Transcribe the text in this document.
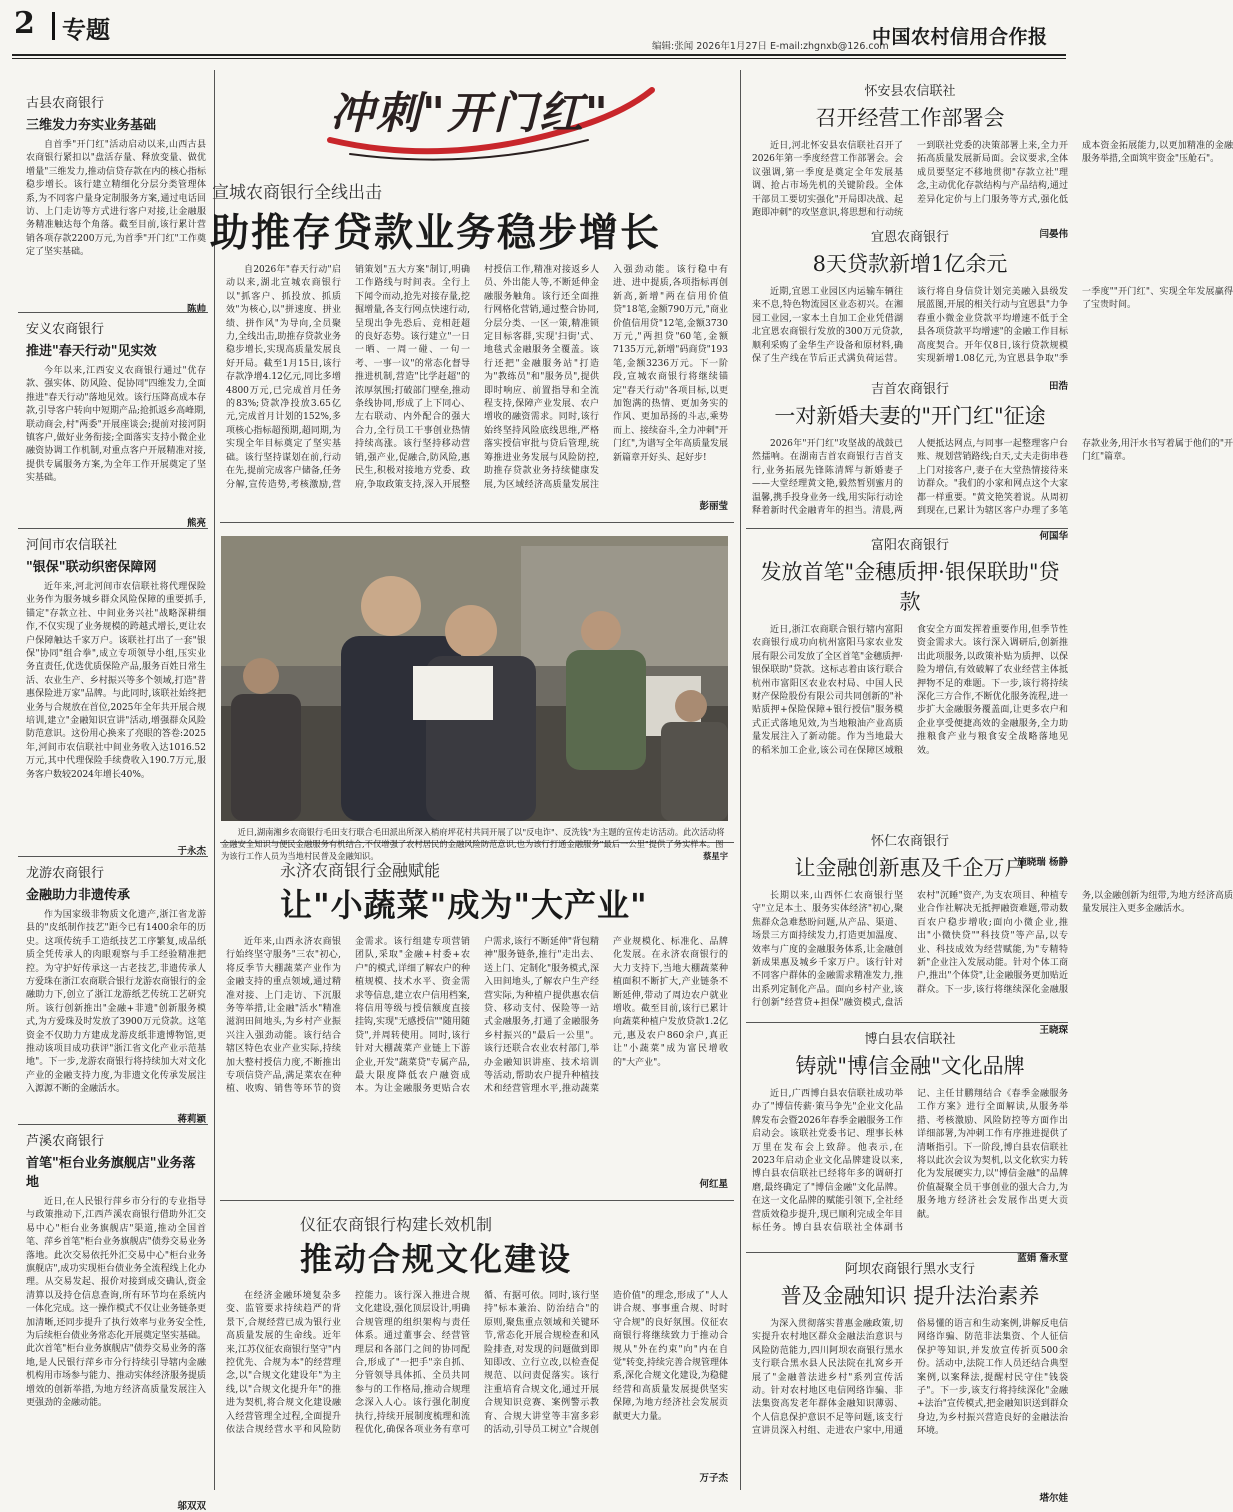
2 专题
编辑:张闻 2026年1月27日 E-mail:zhgnxb@126.com
中国农村信用合作报
古县农商银行
三维发力夯实业务基础
自首季"开门红"活动启动以来,山西古县农商银行紧扣以"盘活存量、释放变量、做优增量"三维发力,推动信贷存款在内的核心指标稳步增长。该行建立精细化分层分类管理体系,为不同客户量身定制服务方案,通过电话回访、上门走访等方式进行客户对接,让金融服务精准触达每个角落。截至目前,该行累计营销各项存款2200万元,为首季"开门红"工作奠定了坚实基础。
陈帅
安义农商银行
推进"春天行动"见实效
今年以来,江西安义农商银行通过"优存款、强实体、防风险、促协同"四维发力,全面推进"春天行动"落地见效。该行压降高成本存款,引导客户转向中短期产品;抢抓返乡高峰期,联动商会,村"两委"开展座谈会;提前对接河阴镇客户,做好业务衔接;全面落实支持小微企业融资协调工作机制,对重点客户开展精准对接,提供专属服务方案,为全年工作开展奠定了坚实基础。
熊亮
河间市农信联社
"银保"联动织密保障网
近年来,河北河间市农信联社将代理保险业务作为服务城乡群众风险保障的重要抓手,锚定"存款立社、中间业务兴社"战略深耕细作,不仅实现了业务规模的跨越式增长,更让农户保障触达千家万户。该联社打出了一套"银保"协同"组合拳",成立专项领导小组,压实业务直责任,优选优质保险产品,服务百姓日常生活、农业生产、乡村振兴等多个领域,打造"普惠保险进万家"品牌。与此同时,该联社始终把业务与合规放在首位,2025年全年共开展合规培训,建立"金融知识宣讲"活动,增强群众风险防范意识。这份用心换来了亮眼的答卷:2025年,河间市农信联社中间业务收入达1016.52万元,其中代理保险手续费收入190.7万元,服务客户数较2024年增长40%。
于永杰
龙游农商银行
金融助力非遗传承
作为国家级非物质文化遗产,浙江省龙游县的"皮纸制作技艺"距今已有1400余年的历史。这项传统手工造纸技艺工序繁复,成品纸质全凭传承人的肉眼观察与手工经验精准把控。为守护好传承这一古老技艺,非遗传承人方爱珠在浙江农商联合银行龙游农商银行的金融助力下,创立了浙江龙游纸艺传统工艺研究所。该行创新推出"金融+非遗"创新服务模式,为方爱珠及时发放了3900万元贷款。这笔资金不仅助力方建成龙游皮纸非遗博物馆,更推动该项目成功获评"浙江省文化产业示范基地"。下一步,龙游农商银行将持续加大对文化产业的金融支持力度,为非遗文化传承发展注入源源不断的金融活水。
蒋莉颖
芦溪农商银行
首笔"柜台业务旗舰店"业务落地
近日,在人民银行萍乡市分行的专业指导与政策推动下,江西芦溪农商银行借助外汇交易中心"柜台业务旗舰店"渠道,推动全国首笔、萍乡首笔"柜台业务旗舰店"债券交易业务落地。此次交易依托外汇交易中心"柜台业务旗舰店",成功实现柜台债业务全流程线上化办理。从交易发起、报价对接到成交确认,资金清算以及持仓信息查询,所有环节均在系统内一体化完成。这一操作模式不仅让业务链条更加清晰,还同步提升了执行效率与业务安全性,为后续柜台债业务常态化开展奠定坚实基础。此次首笔"柜台业务旗舰店"债券交易业务的落地,是人民银行萍乡市分行持续引导辖内金融机构用市场参与能力、推动实体经济服务提质增效的创新举措,为地方经济高质量发展注入更强劲的金融动能。
邬双双
冲刺"开门红"
宣城农商银行全线出击
助推存贷款业务稳步增长
自2026年"春天行动"启动以来,湖北宣城农商银行以"抓客户、抓投放、抓质效"为核心,以"拼速度、拼业绩、拼作风"为导向,全员聚力,全线出击,助推存贷款业务稳步增长,实现高质量发展良好开局。截至1月15日,该行存款净增4.12亿元,同比多增4800万元,已完成首月任务的83%;贷款净投放3.65亿元,完成首月计划的152%,多项核心指标超预期,超同期,为实现全年目标奠定了坚实基础。该行坚持谋划在前,行动在先,提前完成客户储备,任务分解,宣传造势,考核激励,营销策划"五大方案"制订,明确工作路线与时间表。全行上下闻令而动,抢先对接存量,挖掘增量,各支行网点快速行动,呈现出争先恐后、竞相赶超的良好态势。该行建立"一日一晒、一周一碰、一旬一考、一事一议"的常态化督导推进机制,营造"比学赶超"的浓厚氛围;打破部门壁垒,推动条线协同,形成了上下同心、左右联动、内外配合的强大合力,全行员工干事创业热情持续高涨。该行坚持移动营销,强产业,促融合,防风险,惠民生,积极对接地方党委、政府,争取政策支持,深入开展整村授信工作,精准对接返乡人员、外出能人等,不断延伸金融服务触角。该行还全面推行网格化营销,通过整合协同,分层分类、一区一策,精准锁定目标客群,实现'扫街'式、地毯式金融服务全覆盖。该行还把"金融服务站"打造为"教练员"和"服务员",提供即时响应、前置指导和全流程支持,保障产业发展、农户增收的融资需求。同时,该行始终坚持风险底线思维,严格落实授信审批与贷后管理,统筹推进业务发展与风险防控,助推存贷款业务持续健康发展,为区域经济高质量发展注入强劲动能。该行稳中有进、进中提质,各项指标再创新高,新增"两在信用价值贷"18笔,金额790万元,"商业价值信用贷"12笔,金额3730万元,"两担贷"60笔,金额7135万元,新增"码商贷"193笔,金额3236万元。下一阶段,宣城农商银行将继续锚定"春天行动"各项目标,以更加饱满的热情、更加务实的作风、更加昂扬的斗志,乘势而上、接续奋斗,全力冲刺"开门红",为谱写全年高质量发展新篇章开好头、起好步!
彭丽莹
近日,湖南湘乡农商银行毛田支行联合毛田派出所深入梢府坪花村共同开展了以"反电诈"、反洗钱"为主题的宣传走访活动。此次活动将金融安全知识与便民金融服务有机结合,不仅增强了农村居民的金融风险防范意识,也为该行打通金融服务"最后一公里"提供了务实样本。图为该行工作人员为当地村民普及金融知识。	蔡星宇
永济农商银行金融赋能
让"小蔬菜"成为"大产业"
近年来,山西永济农商银行始终坚守服务"三农"初心,将反季节大棚蔬菜产业作为金融支持的重点领域,通过精准对接、上门走访、下沉服务等举措,让金融"活水"精准滋润田间地头,为乡村产业振兴注入强劲动能。该行结合辖区特色农业产业实际,持续加大整村授信力度,不断推出专项信贷产品,满足菜农在种植、收购、销售等环节的资金需求。该行组建专项营销团队,采取"金融+村委+农户"的模式,详细了解农户的种植规模、技术水平、资金需求等信息,建立农户信用档案,将信用等级与授信额度直接挂钩,实现"无感授信""随用随贷",并周转使用。同时,该行针对大棚蔬菜产业链上下游企业,开发"蔬菜贷"专属产品,最大限度降低农户融资成本。为让金融服务更贴合农户需求,该行不断延伸"背包精神"服务链条,推行"走出去、送上门、定制化"服务模式,深入田间地头,了解农户生产经营实际,为种植户提供惠农信贷、移动支付、保险等一站式金融服务,打通了金融服务乡村振兴的"最后一公里"。该行还联合农业农村部门,举办金融知识讲座、技术培训等活动,帮助农户提升种植技术和经营管理水平,推动蔬菜产业规模化、标准化、品牌化发展。在永济农商银行的大力支持下,当地大棚蔬菜种植面积不断扩大,产业链条不断延伸,带动了周边农户就业增收。截至目前,该行已累计向蔬菜种植户发放贷款1.2亿元,惠及农户860余户,真正让"小蔬菜"成为富民增收的"大产业"。
何红星
仪征农商银行构建长效机制
推动合规文化建设
在经济金融环境复杂多变、监管要求持续趋严的背景下,合规经营已成为银行业高质量发展的生命线。近年来,江苏仪征农商银行坚守"内控优先、合规为本"的经营理念,以"合规文化建设年"为主线,以"合规文化提升年"的推进为契机,将合规文化建设融入经营管理全过程,全面提升依法合规经营水平和风险防控能力。该行深入推进合规文化建设,强化顶层设计,明确合规管理的组织架构与责任体系。通过董事会、经营管理层和各部门之间的协同配合,形成了"一把手"亲自抓、分管领导具体抓、全员共同参与的工作格局,推动合规理念深入人心。该行强化制度执行,持续开展制度梳理和流程优化,确保各项业务有章可循、有据可依。同时,该行坚持"标本兼治、防治结合"的原则,聚焦重点领域和关键环节,常态化开展合规检查和风险排查,对发现的问题做到即知即改、立行立改,以检查促规范、以问责促落实。该行注重培育合规文化,通过开展合规知识竞赛、案例警示教育、合规大讲堂等丰富多彩的活动,引导员工树立"合规创造价值"的理念,形成了"人人讲合规、事事重合规、时时守合规"的良好氛围。仪征农商银行将继续致力于推动合规从"外在约束"向"内在自觉"转变,持续完善合规管理体系,深化合规文化建设,为稳健经营和高质量发展提供坚实保障,为地方经济社会发展贡献更大力量。
万子杰
怀安县农信联社
召开经营工作部署会
近日,河北怀安县农信联社召开了2026年第一季度经营工作部署会。会议强调,第一季度是奠定全年发展基调、抢占市场先机的关键阶段。全体干部员工要切实强化"开局即决战、起跑即冲刺"的攻坚意识,将思想和行动统一到联社党委的决策部署上来,全力开拓高质量发展新局面。会议要求,全体成员要坚定不移地贯彻"存款立社"理念,主动优化存款结构与产品结构,通过差异化定价与上门服务等方式,强化低成本资金拓展能力,以更加精准的金融服务举措,全面筑牢资金"压舱石"。
闫晏伟
宜恩农商银行
8天贷款新增1亿余元
近期,宜恩工业园区内运输车辆往来不息,特色物流园区业态初兴。在湘园工业园,一家本土自加工企业凭借湖北宜恩农商银行发放的300万元贷款,顺利采购了金华生产设备和原材料,确保了生产线在节后正式满负荷运营。该行将自身信贷计划完美融入县级发展蓝图,开展的相关行动与宜恩县"力争春重小微金业贷款平均增速不低于全县各项贷款平均增速"的金融工作目标高度契合。开年仅8日,该行贷款规模实现新增1.08亿元,为宜恩县争取"季一季度""开门红"、实现全年发展赢得了宝贵时间。
田浩
吉首农商银行
一对新婚夫妻的"开门红"征途
2026年"开门红"攻坚战的战鼓已然擂响。在湖南吉首农商银行吉首支行,业务拓展先锋陈清辉与新婚妻子——大堂经理黄文艳,毅然暂别蜜月的温馨,携手投身业务一线,用实际行动诠释着新时代金融青年的担当。清晨,两人便抵达网点,与同事一起整理客户台账、规划营销路线;白天,丈夫走街串巷上门对接客户,妻子在大堂热情接待来访群众。"我们的小家和网点这个大家都一样重要。"黄文艳笑着说。从周初到现在,已累计为辖区客户办理了多笔存款业务,用汗水书写着属于他们的"开门红"篇章。
何国华
富阳农商银行
发放首笔"金穗质押·银保联助"贷款
近日,浙江农商联合银行辖内富阳农商银行成功向杭州富阳马家农业发展有限公司发放了全区首笔"金穗质押·银保联助"贷款。这标志着由该行联合杭州市富阳区农业农村局、中国人民财产保险股份有限公司共同创新的"补贴质押+保险保障+银行授信"服务模式正式落地见效,为当地粮油产业高质量发展注入了新动能。作为当地最大的稻米加工企业,该公司在保障区域粮食安全方面发挥着重要作用,但季节性资金需求大。该行深入调研后,创新推出此项服务,以政策补贴为质押、以保险为增信,有效破解了农业经营主体抵押物不足的难题。下一步,该行将持续深化三方合作,不断优化服务流程,进一步扩大金融服务覆盖面,让更多农户和企业享受便捷高效的金融服务,全力助推粮食产业与粮食安全战略落地见效。
施晓瑞 杨静
怀仁农商银行
让金融创新惠及千企万户
长期以来,山西怀仁农商银行坚守"立足本土、服务实体经济"初心,聚焦群众急难愁盼问题,从产品、渠道、场景三方面持续发力,打造更加温度、效率与广度的金融服务体系,让金融创新成果惠及城乡千家万户。该行针对不同客户群体的金融需求精准发力,推出系列定制化产品。面向乡村产业,该行创新"经营贷+担保"融资模式,盘活农村"沉睡"资产,为支农项目、种植专业合作社解决无抵押融资难题,带动数百农户稳步增收;面向小微企业,推出"小微快贷""科技贷"等产品,以专业、科技成效为经营赋能,为"专精特新"企业注入发展动能。针对个体工商户,推出"个体贷",让金融服务更加贴近群众。下一步,该行将继续深化金融服务,以金融创新为纽带,为地方经济高质量发展注入更多金融活水。
王晓琛
博白县农信联社
铸就"博信金融"文化品牌
近日,广西博白县农信联社成功举办了"博信传薪·策马争先"企业文化品牌发布会暨2026年春季金融服务工作启动会。该联社党委书记、理事长林万里在发布会上致辞。他表示,在2023年启动企业文化品牌建设以来,博白县农信联社已经将年多的调研打磨,最终确定了"博信金融"文化品牌。在这一文化品牌的赋能引领下,全社经营质效稳步提升,现已顺利完成全年目标任务。博白县农信联社全体副书记、主任甘鹏翔结合《春季金融服务工作方案》进行全面解读,从服务举措、考核激励、风险防控等方面作出详细部署,为冲刺工作有序推进提供了清晰指引。下一阶段,博白县农信联社将以此次会议为契机,以文化软实力转化为发展硬实力,以"博信金融"的品牌价值凝聚全员干事创业的强大合力,为服务地方经济社会发展作出更大贡献。
蓝娟 詹永堂
阿坝农商银行黑水支行
普及金融知识 提升法治素养
为深入贯彻落实普惠金融政策,切实提升农村地区群众金融法治意识与风险防范能力,四川阿坝农商银行黑水支行联合黑水县人民法院在扎窝乡开展了"金融普法进乡村"系列宣传活动。针对农村地区电信网络诈骗、非法集资高发老年群体金融知识薄弱、个人信息保护意识不足等问题,该支行宣讲员深入村组、走进农户家中,用通俗易懂的语言和生动案例,讲解反电信网络诈骗、防范非法集资、个人征信保护等知识,并发放宣传折页500余份。活动中,法院工作人员还结合典型案例,以案释法,提醒村民守住"钱袋子"。下一步,该支行将持续深化"金融+法治"宣传模式,把金融知识送到群众身边,为乡村振兴营造良好的金融法治环境。
塔尔娃
